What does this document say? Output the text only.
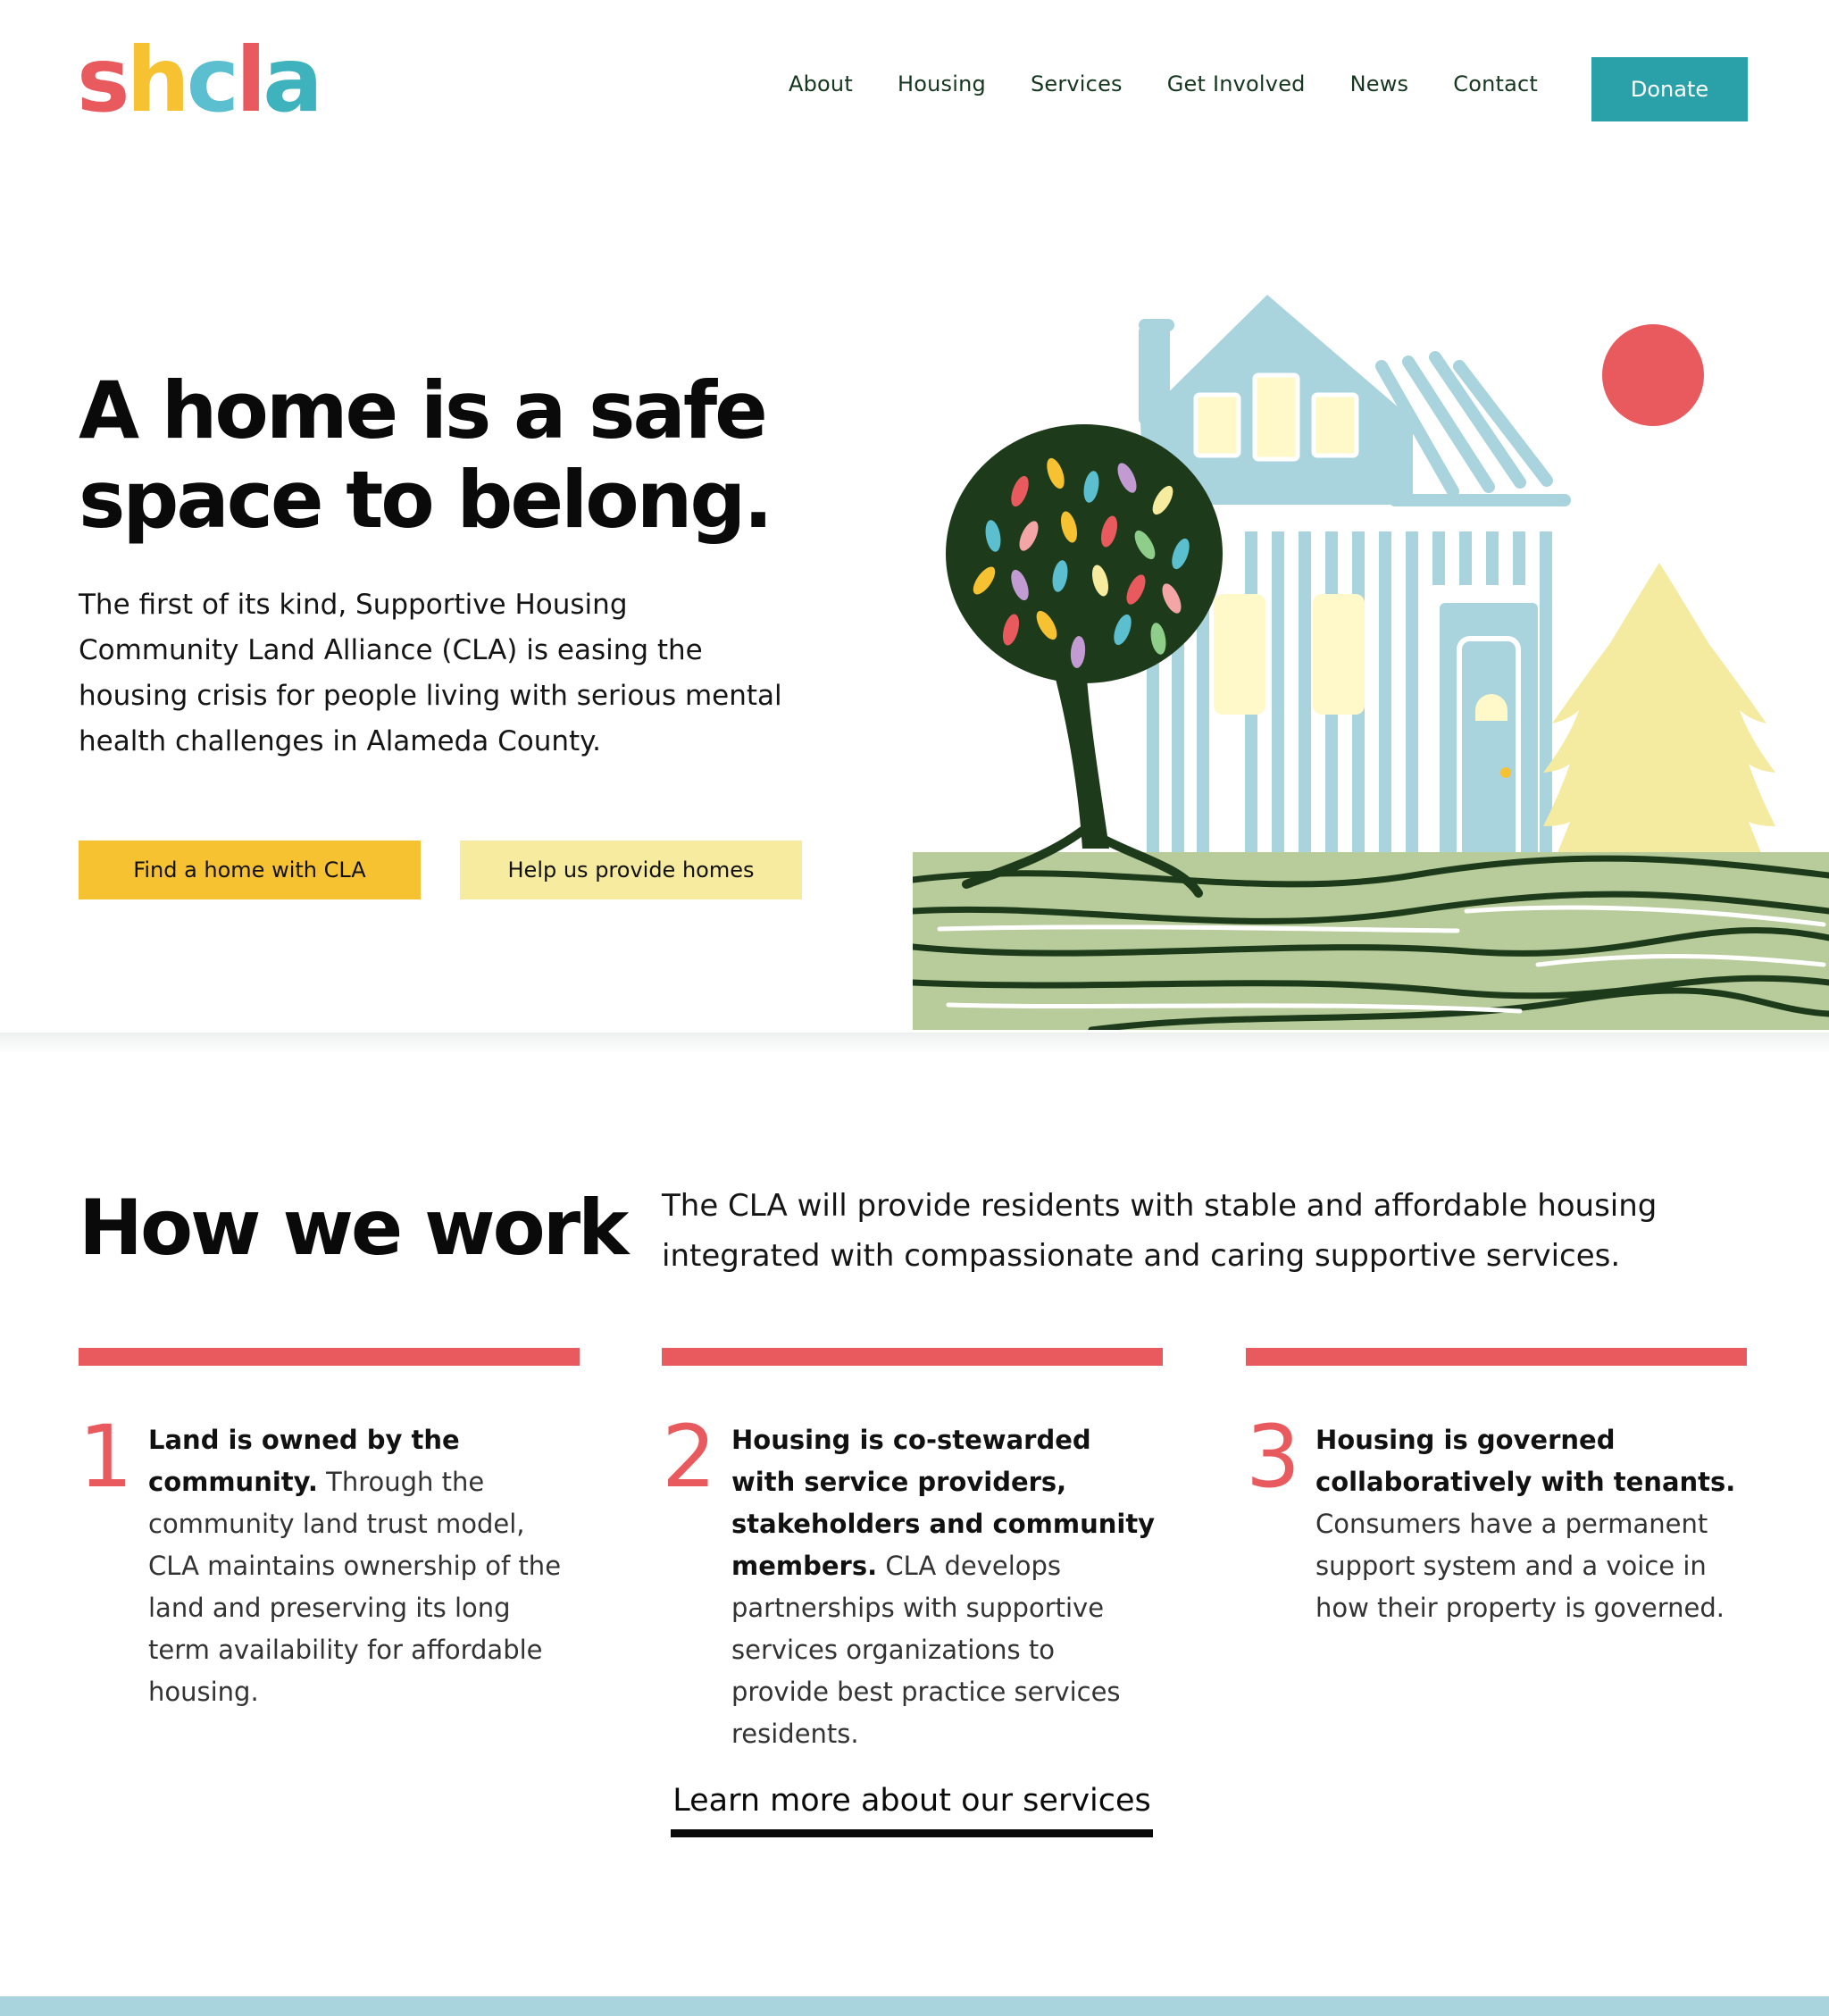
s h c l a	About Housing Services Get Involved News Contact	Donate
A home is a safe
space to belong.

The first of its kind, Supportive Housing Community Land Alliance (CLA) is easing the housing crisis for people living with serious mental health challenges in Alameda County.

Find a home with CLA	Help us provide homes
How we work	The CLA will provide residents with stable and affordable housing integrated with compassionate and caring supportive services.

1 Land is owned by the community. Through the community land trust model, CLA maintains ownership of the land and preserving its long term availability for affordable housing.

2 Housing is co-stewarded with service providers, stakeholders and community members. CLA develops partnerships with supportive services organizations to provide best practice services residents.

3 Housing is governed collaboratively with tenants. Consumers have a permanent support system and a voice in how their property is governed.

Learn more about our services
